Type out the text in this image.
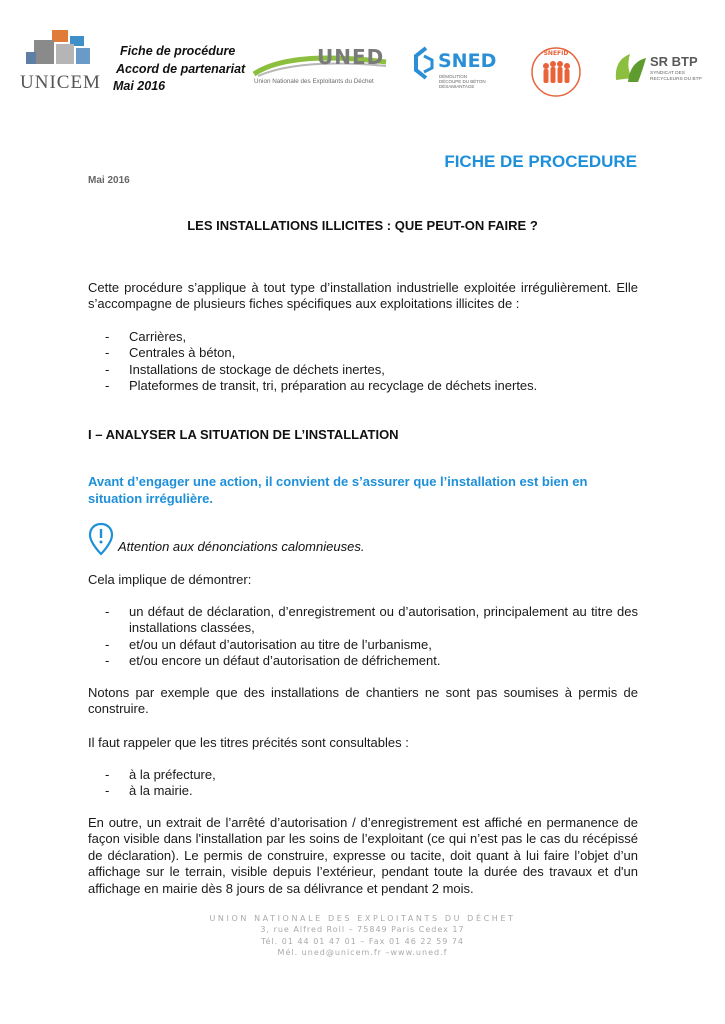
UNICEM
Fiche de procédure
Accord de partenariat
Mai 2016
UNED
Union Nationale des Exploitants du Déchet
SNED
DÉMOLITION
DÉCOUPE DU BÉTON
DÉSAMIANTAGE
SNEFID
SR BTP
SYNDICAT DES
RECYCLEURS DU BTP
FICHE DE PROCEDURE
Mai 2016
LES INSTALLATIONS ILLICITES : QUE PEUT-ON FAIRE ?
Cette procédure s’applique à tout type d’installation industrielle exploitée irrégulièrement. Elle s’accompagne de plusieurs fiches spécifiques aux exploitations illicites de :
- Carrières,
- Centrales à béton,
- Installations de stockage de déchets inertes,
- Plateformes de transit, tri, préparation au recyclage de déchets inertes.
I – ANALYSER LA SITUATION DE L’INSTALLATION
Avant d’engager une action, il convient de s’assurer que l’installation est bien en situation irrégulière.
Attention aux dénonciations calomnieuses.
Cela implique de démontrer:
- un défaut de déclaration, d’enregistrement ou d’autorisation, principalement au titre des installations classées,
- et/ou un défaut d’autorisation au titre de l’urbanisme,
- et/ou encore un défaut d’autorisation de défrichement.
Notons par exemple que des installations de chantiers ne sont pas soumises à permis de construire.
Il faut rappeler que les titres précités sont consultables :
- à la préfecture,
- à la mairie.
En outre, un extrait de l’arrêté d’autorisation / d’enregistrement est affiché en permanence de façon visible dans l'installation par les soins de l’exploitant (ce qui n’est pas le cas du récépissé de déclaration). Le permis de construire, expresse ou tacite, doit quant à lui faire l’objet d’un affichage sur le terrain, visible depuis l’extérieur, pendant toute la durée des travaux et d'un affichage en mairie dès 8 jours de sa délivrance et pendant 2 mois.
UNION NATIONALE DES EXPLOITANTS DU DÉCHET
3, rue Alfred Roll – 75849 Paris Cedex 17
Tél. 01 44 01 47 01 – Fax 01 46 22 59 74
Mél. uned@unicem.fr –www.uned.f
